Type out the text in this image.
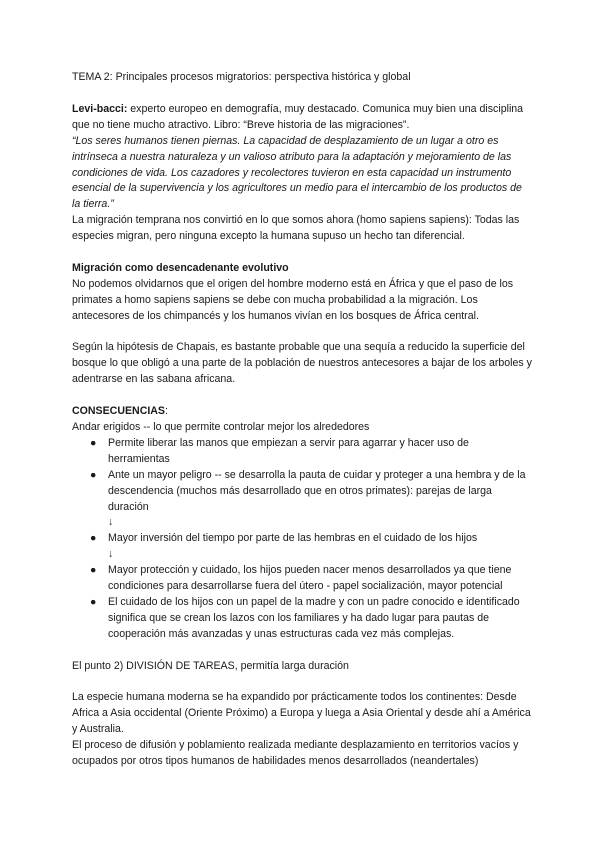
TEMA 2: Principales procesos migratorios: perspectiva histórica y global

Levi-bacci: experto europeo en demografía, muy destacado. Comunica muy bien una disciplina que no tiene mucho atractivo. Libro: “Breve historia de las migraciones”.

“Los seres humanos tienen piernas. La capacidad de desplazamiento de un lugar a otro es intrínseca a nuestra naturaleza y un valioso atributo para la adaptación y mejoramiento de las condiciones de vida. Los cazadores y recolectores tuvieron en esta capacidad un instrumento esencial de la supervivencia y los agricultores un medio para el intercambio de los productos de la tierra.”

La migración temprana nos convirtió en lo que somos ahora (homo sapiens sapiens): Todas las especies migran, pero ninguna excepto la humana supuso un hecho tan diferencial.

Migración como desencadenante evolutivo

No podemos olvidarnos que el origen del hombre moderno está en África y que el paso de los primates a homo sapiens sapiens se debe con mucha probabilidad a la migración. Los antecesores de los chimpancés y los humanos vivían en los bosques de África central.

Según la hipótesis de Chapais, es bastante probable que una sequía a reducido la superficie del bosque lo que obligó a una parte de la población de nuestros antecesores a bajar de los arboles y adentrarse en las sabana africana.

CONSECUENCIAS:

Andar erigidos -- lo que permite controlar mejor los alrededores

● Permite liberar las manos que empiezan a servir para agarrar y hacer uso de herramientas
● Ante un mayor peligro -- se desarrolla la pauta de cuidar y proteger a una hembra y de la descendencia (muchos más desarrollado que en otros primates): parejas de larga duración

↓

● Mayor inversión del tiempo por parte de las hembras en el cuidado de los hijos

↓

● Mayor protección y cuidado, los hijos pueden nacer menos desarrollados ya que tiene condiciones para desarrollarse fuera del útero - papel socialización, mayor potencial
● El cuidado de los hijos con un papel de la madre y con un padre conocido e identificado significa que se crean los lazos con los familiares y ha dado lugar para pautas de cooperación más avanzadas y unas estructuras cada vez más complejas.

El punto 2) DIVISIÓN DE TAREAS, permitía larga duración

La especie humana moderna se ha expandido por prácticamente todos los continentes: Desde Africa a Asia occidental (Oriente Próximo) a Europa y luega a Asia Oriental y desde ahí a América y Australia.

El proceso de difusión y poblamiento realizada mediante desplazamiento en territorios vacíos y ocupados por otros tipos humanos de habilidades menos desarrollados (neandertales)
